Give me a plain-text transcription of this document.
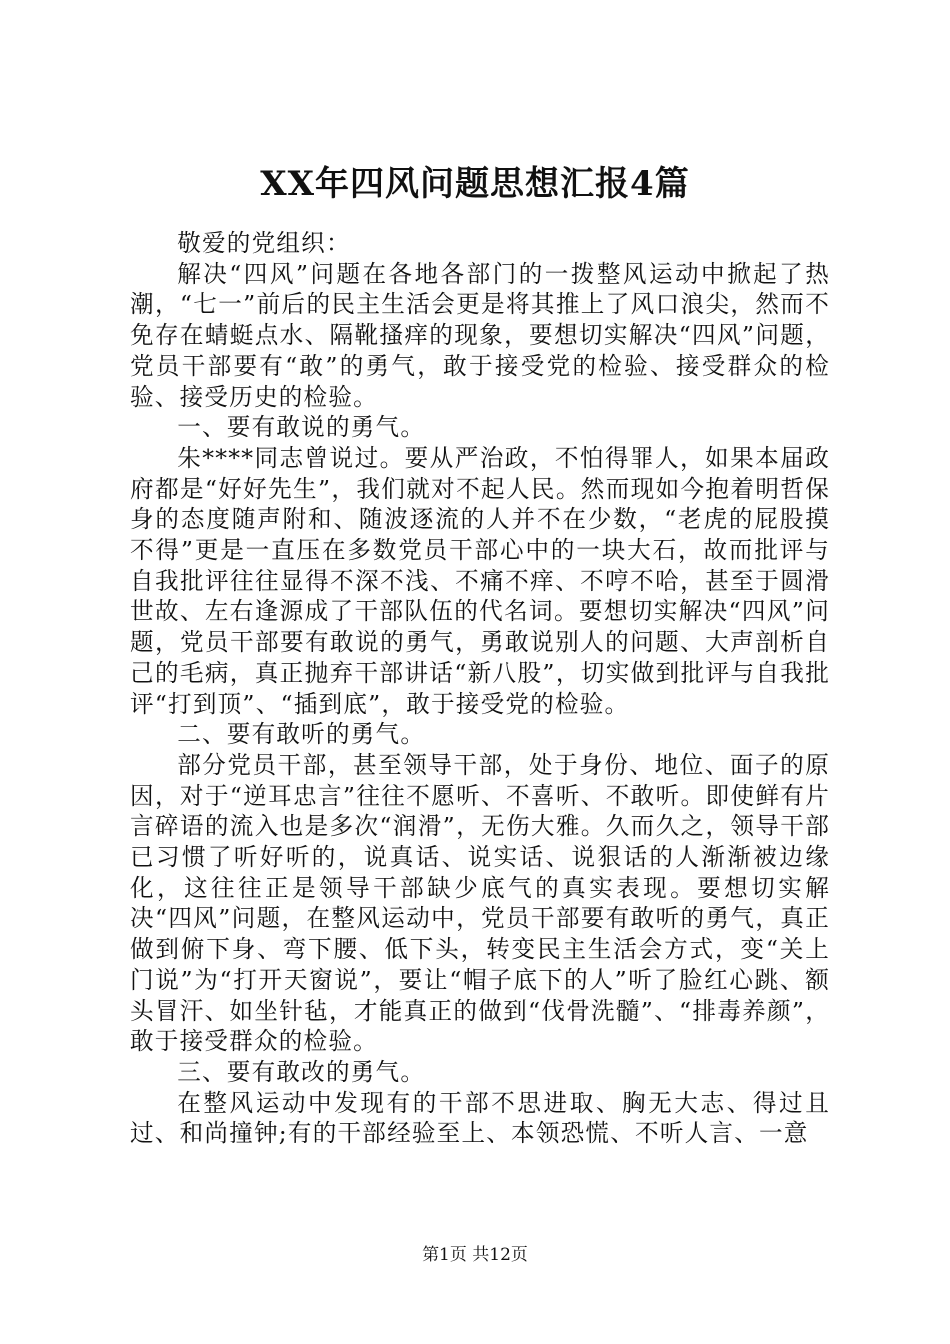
XX年四风问题思想汇报4篇

敬爱的党组织：

解决“四风”问题在各地各部门的一拨整风运动中掀起了热潮，“七一”前后的民主生活会更是将其推上了风口浪尖，然而不免存在蜻蜓点水、隔靴搔痒的现象，要想切实解决“四风”问题，党员干部要有“敢”的勇气，敢于接受党的检验、接受群众的检验、接受历史的检验。

一、要有敢说的勇气。

朱****同志曾说过。要从严治政，不怕得罪人，如果本届政府都是“好好先生”，我们就对不起人民。然而现如今抱着明哲保身的态度随声附和、随波逐流的人并不在少数，“老虎的屁股摸不得”更是一直压在多数党员干部心中的一块大石，故而批评与自我批评往往显得不深不浅、不痛不痒、不哼不哈，甚至于圆滑世故、左右逢源成了干部队伍的代名词。要想切实解决“四风”问题，党员干部要有敢说的勇气，勇敢说别人的问题、大声剖析自己的毛病，真正抛弃干部讲话“新八股”，切实做到批评与自我批评“打到顶”、“插到底”，敢于接受党的检验。

二、要有敢听的勇气。

部分党员干部，甚至领导干部，处于身份、地位、面子的原因，对于“逆耳忠言”往往不愿听、不喜听、不敢听。即使鲜有片言碎语的流入也是多次“润滑”，无伤大雅。久而久之，领导干部已习惯了听好听的，说真话、说实话、说狠话的人渐渐被边缘化，这往往正是领导干部缺少底气的真实表现。要想切实解决“四风”问题，在整风运动中，党员干部要有敢听的勇气，真正做到俯下身、弯下腰、低下头，转变民主生活会方式，变“关上门说”为“打开天窗说”，要让“帽子底下的人”听了脸红心跳、额头冒汗、如坐针毡，才能真正的做到“伐骨洗髓”、“排毒养颜”，敢于接受群众的检验。

三、要有敢改的勇气。

在整风运动中发现有的干部不思进取、胸无大志、得过且过、和尚撞钟;有的干部经验至上、本领恐慌、不听人言、一意

第1页 共12页
